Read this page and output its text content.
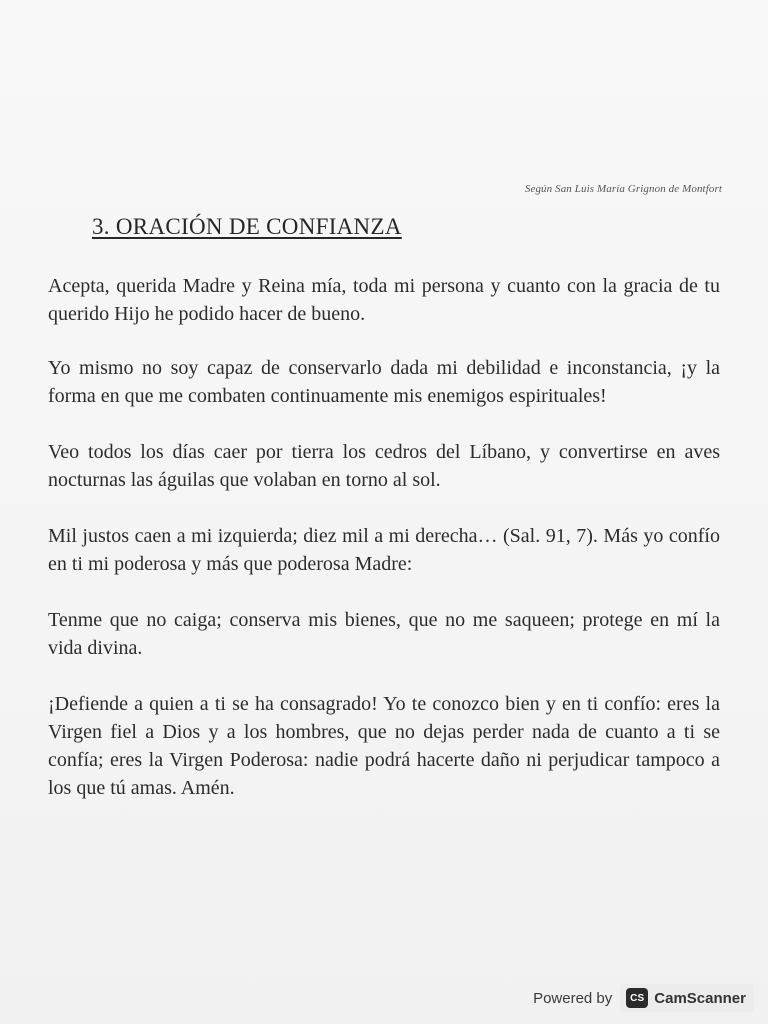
Según San Luis María Grignon de Montfort
3. ORACIÓN DE CONFIANZA

Acepta, querida Madre y Reina mía, toda mi persona y cuanto con la gracia de tu querido Hijo he podido hacer de bueno.

Yo mismo no soy capaz de conservarlo dada mi debilidad e inconstancia, ¡y la forma en que me combaten continuamente mis enemigos espirituales!

Veo todos los días caer por tierra los cedros del Líbano, y convertirse en aves nocturnas las águilas que volaban en torno al sol.

Mil justos caen a mi izquierda; diez mil a mi derecha… (Sal. 91, 7). Más yo confío en ti mi poderosa y más que poderosa Madre:

Tenme que no caiga; conserva mis bienes, que no me saqueen; protege en mí la vida divina.

¡Defiende a quien a ti se ha consagrado! Yo te conozco bien y en ti confío: eres la Virgen fiel a Dios y a los hombres, que no dejas perder nada de cuanto a ti se confía; eres la Virgen Poderosa: nadie podrá hacerte daño ni perjudicar tampoco a los que tú amas. Amén.

Powered by	CS CamScanner
